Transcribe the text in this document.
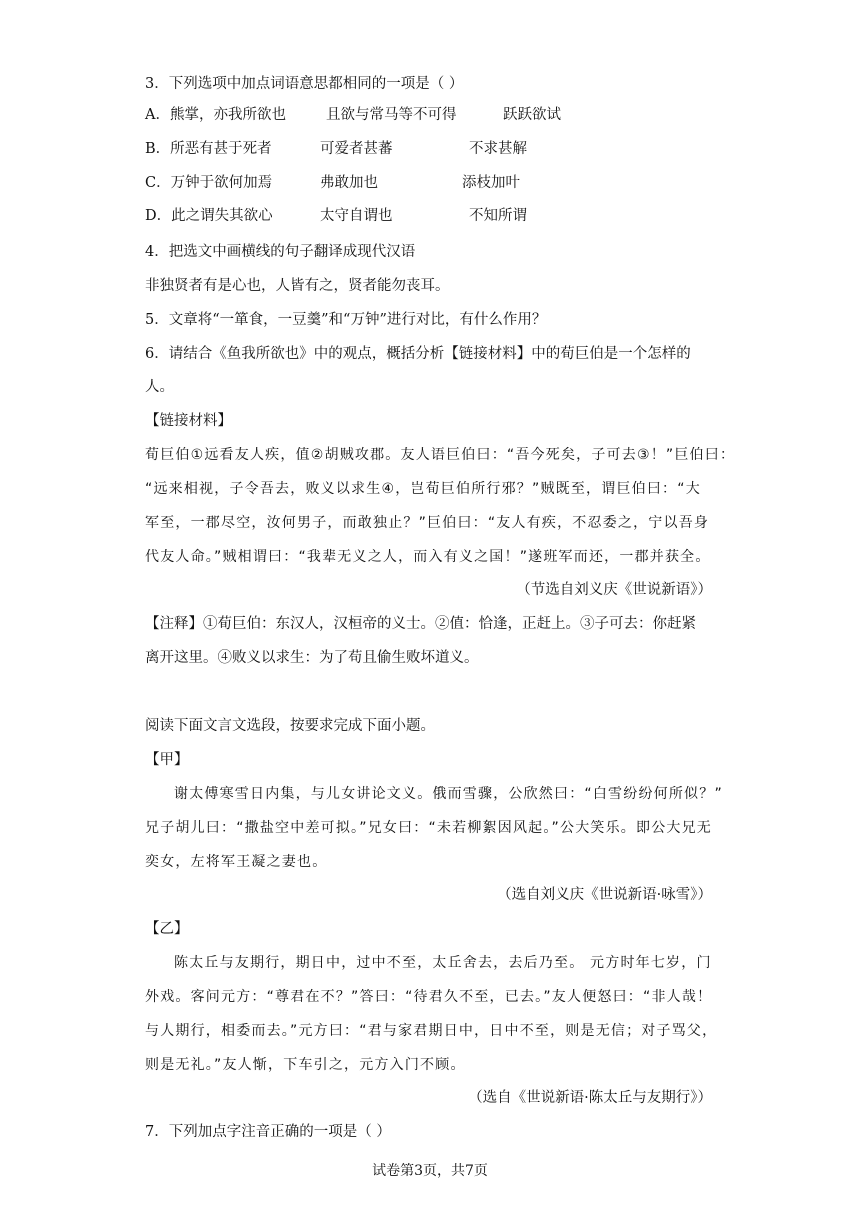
3．下列选项中加点词语意思都相同的一项是（ ）
A．熊掌，亦我所欲也	且欲与常马等不可得	跃跃欲试
B．所恶有甚于死者	可爱者甚蕃	不求甚解
C．万钟于欲何加焉	弗敢加也	添枝加叶
D．此之谓失其欲心	太守自谓也	不知所谓
4．把选文中画横线的句子翻译成现代汉语
非独贤者有是心也，人皆有之，贤者能勿丧耳。
5．文章将“一箪食，一豆羹”和“万钟”进行对比，有什么作用？
6．请结合《鱼我所欲也》中的观点，概括分析【链接材料】中的荀巨伯是一个怎样的
人。
【链接材料】
荀巨伯①远看友人疾，值②胡贼攻郡。友人语巨伯曰：“吾今死矣，子可去③！”巨伯曰：
“远来相视，子令吾去，败义以求生④，岂荀巨伯所行邪？”贼既至，谓巨伯曰：“大
军至，一郡尽空，汝何男子，而敢独止？”巨伯曰：“友人有疾，不忍委之，宁以吾身
代友人命。”贼相谓曰：“我辈无义之人，而入有义之国！”遂班军而还，一郡并获全。
（节选自刘义庆《世说新语》）
【注释】①荀巨伯：东汉人，汉桓帝的义士。②值：恰逢，正赶上。③子可去：你赶紧
离开这里。④败义以求生：为了苟且偷生败坏道义。
阅读下面文言文选段，按要求完成下面小题。
【甲】
谢太傅寒雪日内集，与儿女讲论文义。俄而雪骤，公欣然曰：“白雪纷纷何所似？”
兄子胡儿曰：“撒盐空中差可拟。”兄女曰：“未若柳絮因风起。”公大笑乐。即公大兄无
奕女，左将军王凝之妻也。
（选自刘义庆《世说新语·咏雪》）
【乙】
陈太丘与友期行，期日中，过中不至，太丘舍去，去后乃至。 元方时年七岁，门
外戏。客问元方：“尊君在不？”答曰：“待君久不至，已去。”友人便怒曰：“非人哉！
与人期行，相委而去。”元方曰：“君与家君期日中，日中不至，则是无信；对子骂父，
则是无礼。”友人惭，下车引之，元方入门不顾。
（选自《世说新语·陈太丘与友期行》）
7．下列加点字注音正确的一项是（ ）
试卷第3页，共7页
